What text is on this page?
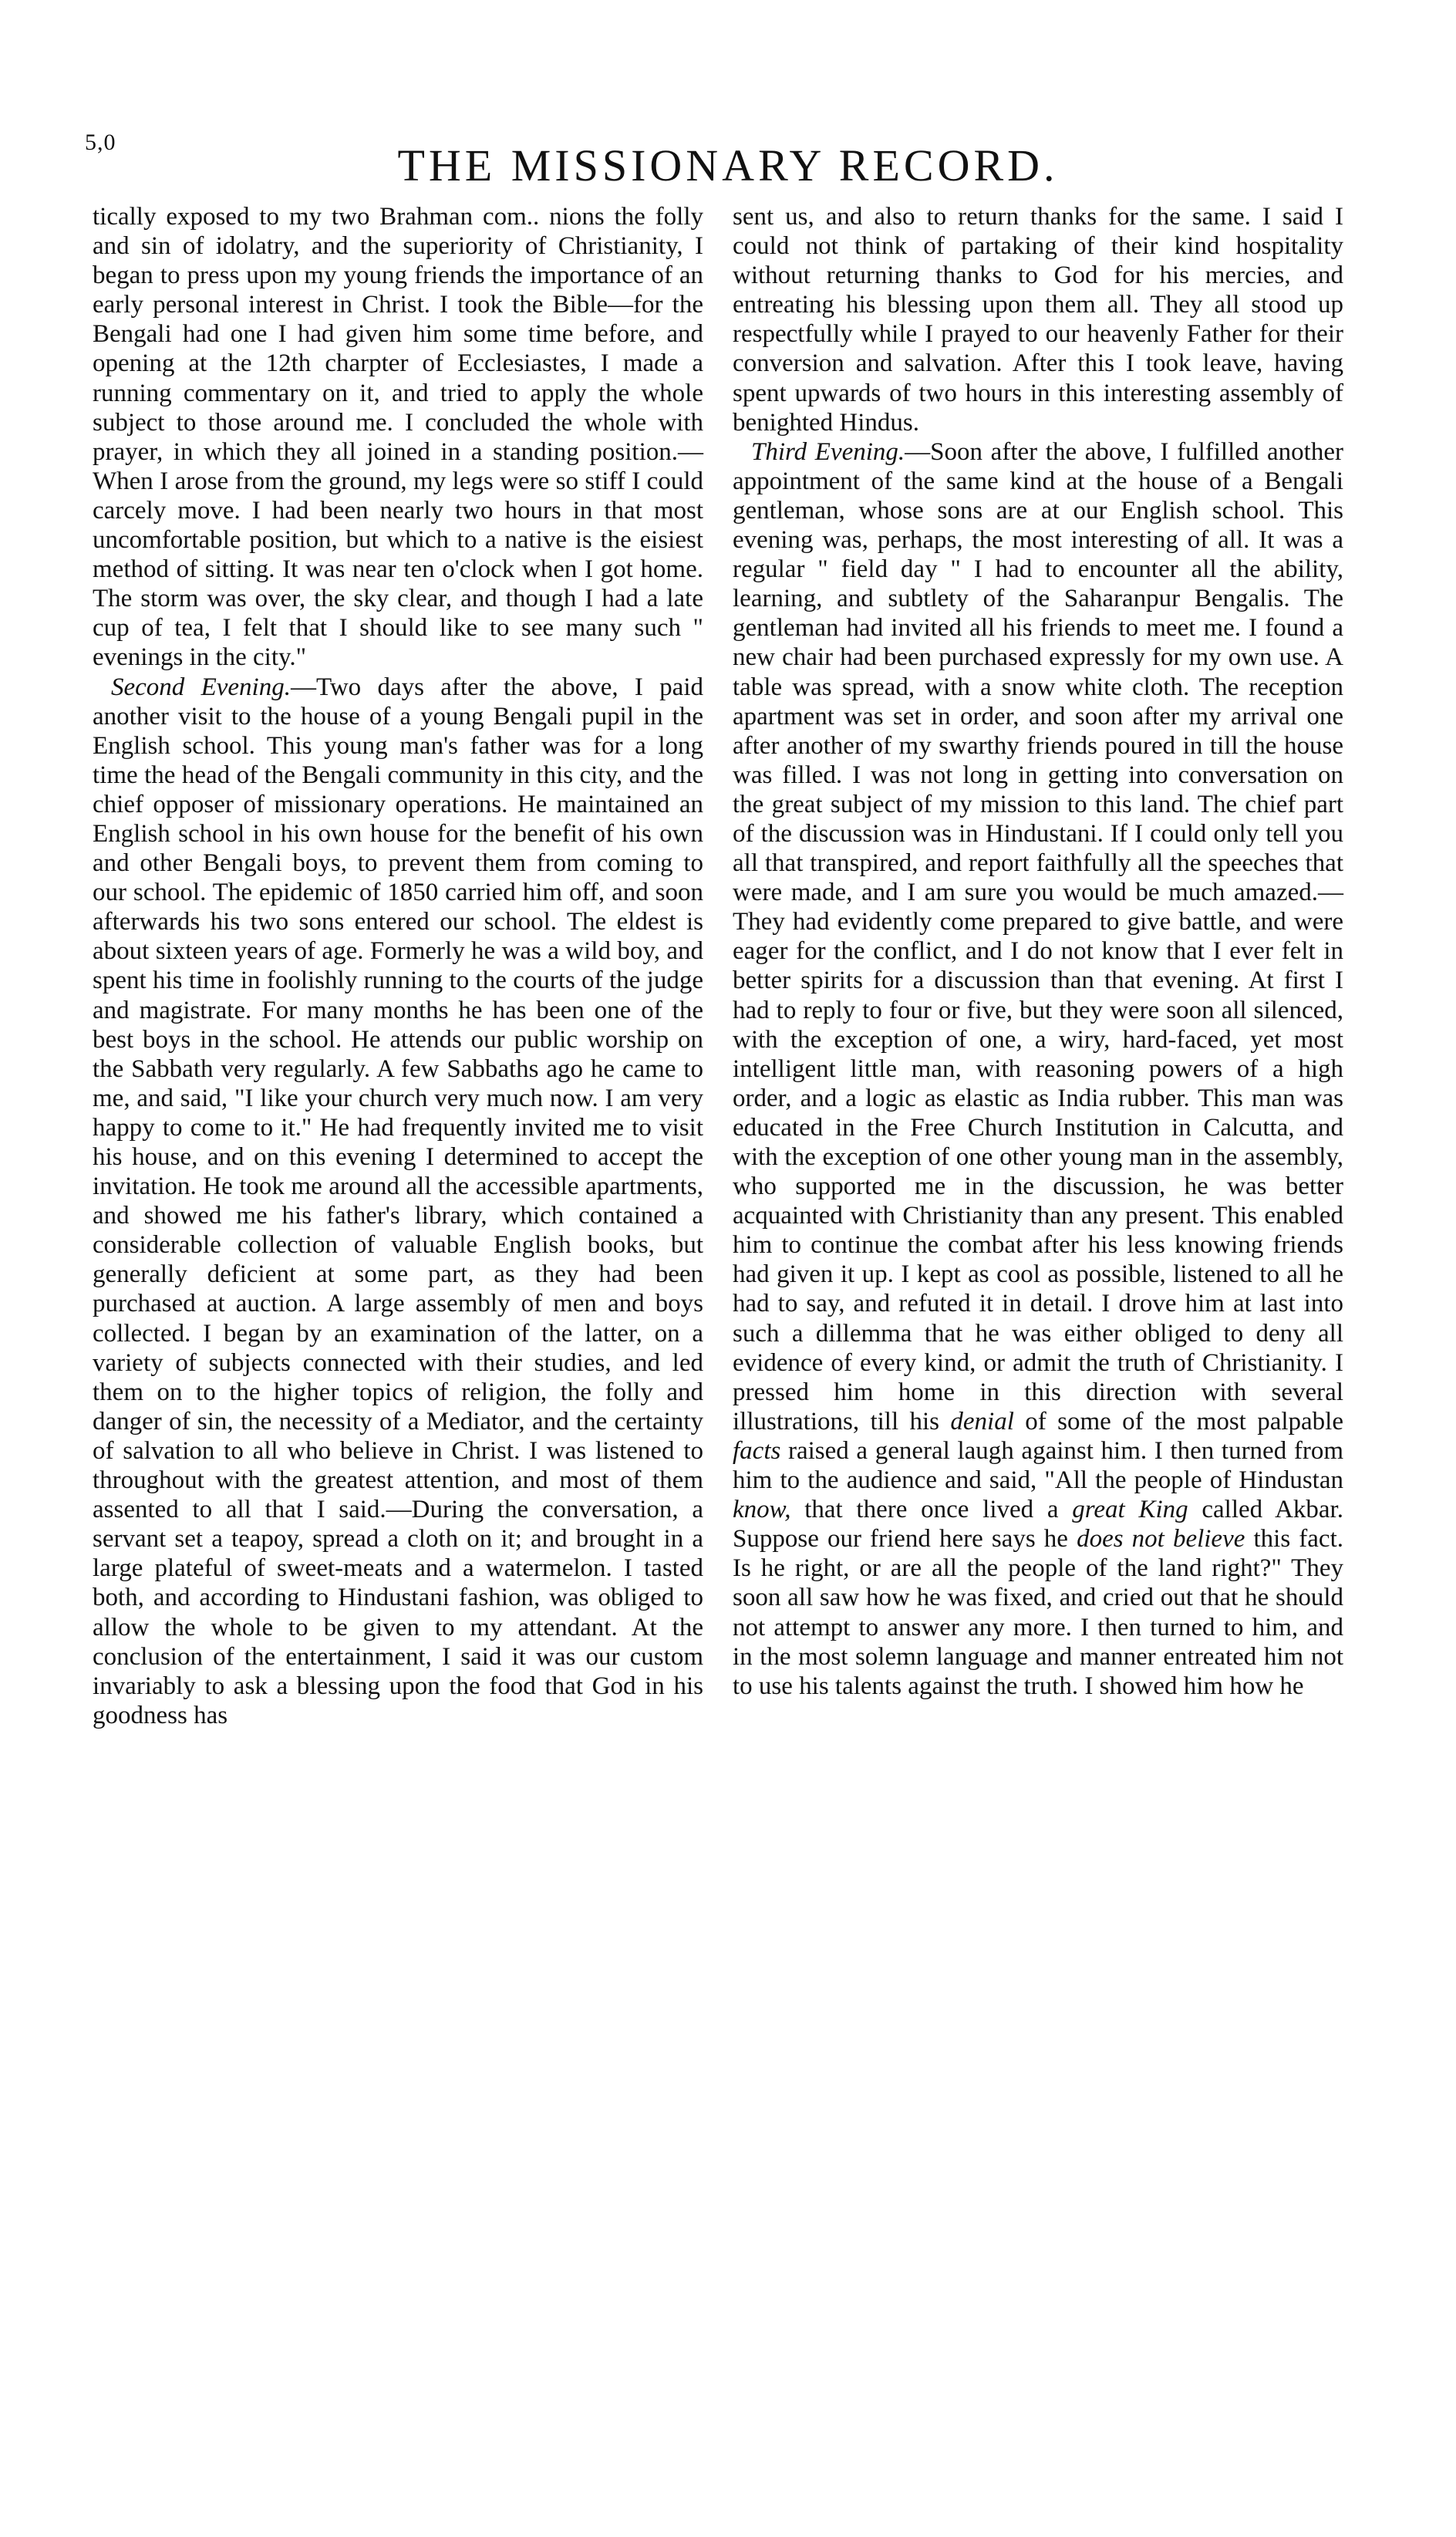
5,0	THE MISSIONARY RECORD.

tically exposed to my two Brahman com.. nions the folly and sin of idolatry, and the superiority of Christianity, I began to press upon my young friends the importance of an early personal interest in Christ. I took the Bible—for the Bengali had one I had given him some time before, and opening at the 12th charpter of Ecclesiastes, I made a running commentary on it, and tried to apply the whole subject to those around me. I concluded the whole with prayer, in which they all joined in a standing position.—When I arose from the ground, my legs were so stiff I could carcely move. I had been nearly two hours in that most uncomfortable position, but which to a native is the eisiest method of sitting. It was near ten o'clock when I got home. The storm was over, the sky clear, and though I had a late cup of tea, I felt that I should like to see many such " evenings in the city."

Second Evening.—Two days after the above, I paid another visit to the house of a young Bengali pupil in the English school. This young man's father was for a long time the head of the Bengali community in this city, and the chief opposer of missionary operations. He maintained an English school in his own house for the benefit of his own and other Bengali boys, to prevent them from coming to our school. The epidemic of 1850 carried him off, and soon afterwards his two sons entered our school. The eldest is about sixteen years of age. Formerly he was a wild boy, and spent his time in foolishly running to the courts of the judge and magistrate. For many months he has been one of the best boys in the school. He attends our public worship on the Sabbath very regularly. A few Sabbaths ago he came to me, and said, "I like your church very much now. I am very happy to come to it." He had frequently invited me to visit his house, and on this evening I determined to accept the invitation. He took me around all the accessible apartments, and showed me his father's library, which contained a considerable collection of valuable English books, but generally deficient at some part, as they had been purchased at auction. A large assembly of men and boys collected. I began by an examination of the latter, on a variety of subjects connected with their studies, and led them on to the higher topics of religion, the folly and danger of sin, the necessity of a Mediator, and the certainty of salvation to all who believe in Christ. I was listened to throughout with the greatest attention, and most of them assented to all that I said.—During the conversation, a servant set a teapoy, spread a cloth on it; and brought in a large plateful of sweet-meats and a watermelon. I tasted both, and according to Hindustani fashion, was obliged to allow the whole to be given to my attendant. At the conclusion of the entertainment, I said it was our custom invariably to ask a blessing upon the food that God in his goodness has

sent us, and also to return thanks for the same. I said I could not think of partaking of their kind hospitality without returning thanks to God for his mercies, and entreating his blessing upon them all. They all stood up respectfully while I prayed to our heavenly Father for their conversion and salvation. After this I took leave, having spent upwards of two hours in this interesting assembly of benighted Hindus.

Third Evening.—Soon after the above, I fulfilled another appointment of the same kind at the house of a Bengali gentleman, whose sons are at our English school. This evening was, perhaps, the most interesting of all. It was a regular " field day " I had to encounter all the ability, learning, and subtlety of the Saharanpur Bengalis. The gentleman had invited all his friends to meet me. I found a new chair had been purchased expressly for my own use. A table was spread, with a snow white cloth. The reception apartment was set in order, and soon after my arrival one after another of my swarthy friends poured in till the house was filled. I was not long in getting into conversation on the great subject of my mission to this land. The chief part of the discussion was in Hindustani. If I could only tell you all that transpired, and report faithfully all the speeches that were made, and I am sure you would be much amazed.—They had evidently come prepared to give battle, and were eager for the conflict, and I do not know that I ever felt in better spirits for a discussion than that evening. At first I had to reply to four or five, but they were soon all silenced, with the exception of one, a wiry, hard-faced, yet most intelligent little man, with reasoning powers of a high order, and a logic as elastic as India rubber. This man was educated in the Free Church Institution in Calcutta, and with the exception of one other young man in the assembly, who supported me in the discussion, he was better acquainted with Christianity than any present. This enabled him to continue the combat after his less knowing friends had given it up. I kept as cool as possible, listened to all he had to say, and refuted it in detail. I drove him at last into such a dillemma that he was either obliged to deny all evidence of every kind, or admit the truth of Christianity. I pressed him home in this direction with several illustrations, till his denial of some of the most palpable facts raised a general laugh against him. I then turned from him to the audience and said, "All the people of Hindustan know, that there once lived a great King called Akbar. Suppose our friend here says he does not believe this fact. Is he right, or are all the people of the land right?" They soon all saw how he was fixed, and cried out that he should not attempt to answer any more. I then turned to him, and in the most solemn language and manner entreated him not to use his talents against the truth. I showed him how he
